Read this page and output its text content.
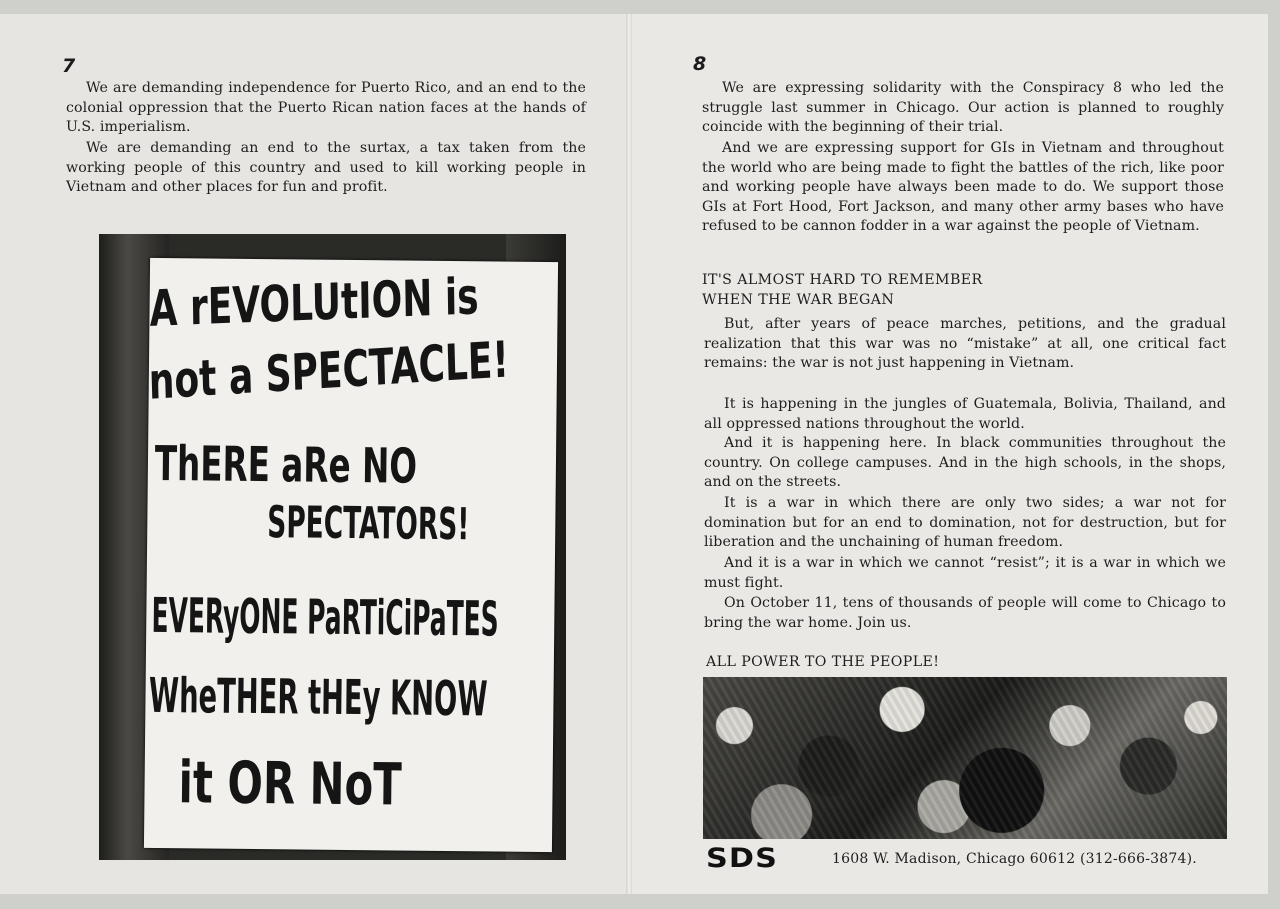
7

We are demanding independence for Puerto Rico, and an end to the colonial oppression that the Puerto Rican nation faces at the hands of U.S. imperialism.

We are demanding an end to the surtax, a tax taken from the working people of this country and used to kill working people in Vietnam and other places for fun and profit.

A rEVOLUtION is
not a SPECTACLE!
ThERE aRe NO
SPECTATORS!
EVERyONE PaRTiCiPaTES
WheTHER tHEy KNOW
it OR NoT
8

We are expressing solidarity with the Conspiracy 8 who led the struggle last summer in Chicago. Our action is planned to roughly coincide with the beginning of their trial.

And we are expressing support for GIs in Vietnam and throughout the world who are being made to fight the battles of the rich, like poor and working people have always been made to do. We support those GIs at Fort Hood, Fort Jackson, and many other army bases who have refused to be cannon fodder in a war against the people of Vietnam.

IT'S ALMOST HARD TO REMEMBER
WHEN THE WAR BEGAN

But, after years of peace marches, petitions, and the gradual realization that this war was no “mistake” at all, one critical fact remains: the war is not just happening in Vietnam.

It is happening in the jungles of Guatemala, Bolivia, Thailand, and all oppressed nations throughout the world.

And it is happening here. In black communities throughout the country. On college campuses. And in the high schools, in the shops, and on the streets.

It is a war in which there are only two sides; a war not for domination but for an end to domination, not for destruction, but for liberation and the unchaining of human freedom.

And it is a war in which we cannot “resist”; it is a war in which we must fight.

On October 11, tens of thousands of people will come to Chicago to bring the war home. Join us.

ALL POWER TO THE PEOPLE!
SDS	1608 W. Madison, Chicago 60612 (312-666-3874).
